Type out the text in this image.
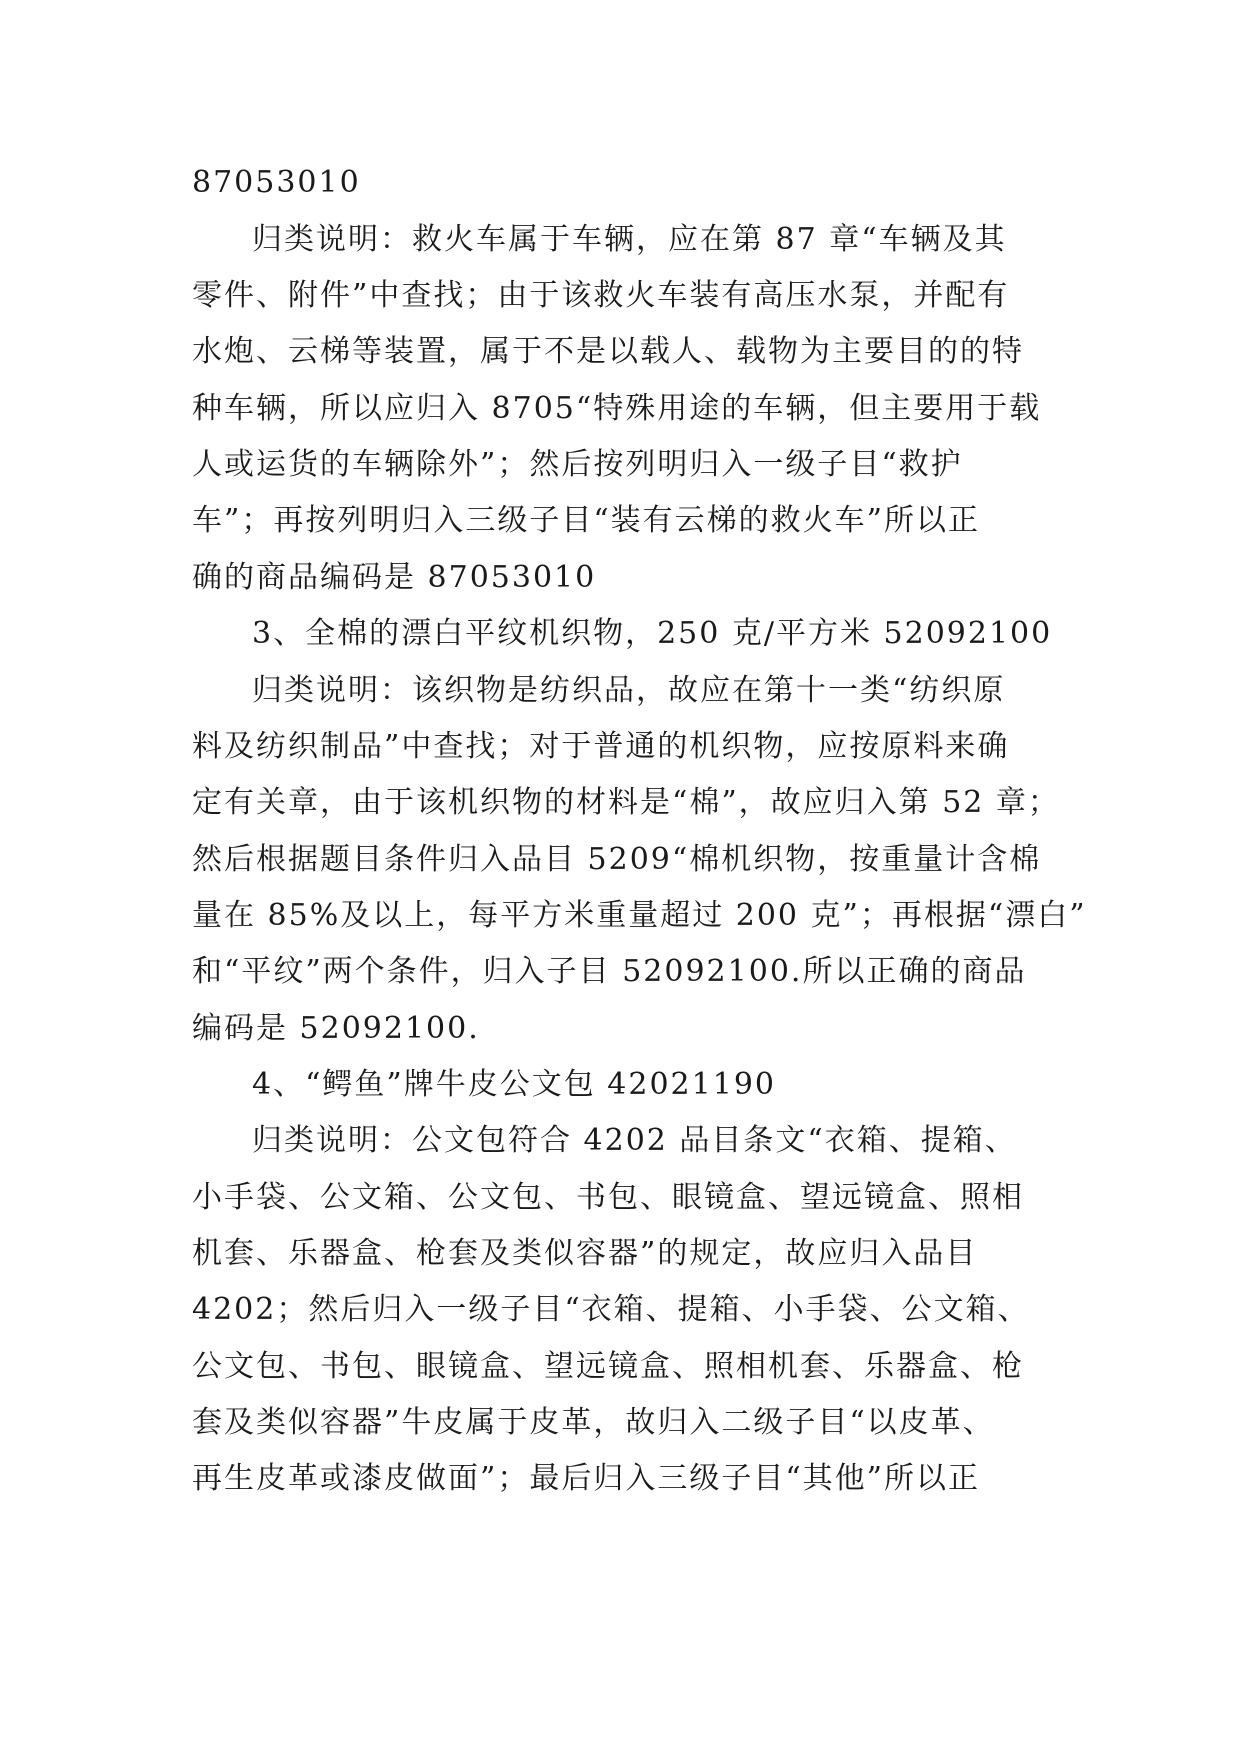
87053010
归类说明：救火车属于车辆，应在第 87 章“车辆及其
零件、附件”中查找；由于该救火车装有高压水泵，并配有
水炮、云梯等装置，属于不是以载人、载物为主要目的的特
种车辆，所以应归入 8705“特殊用途的车辆，但主要用于载
人或运货的车辆除外”；然后按列明归入一级子目“救护
车”；再按列明归入三级子目“装有云梯的救火车”所以正
确的商品编码是 87053010
3、全棉的漂白平纹机织物，250 克/平方米 52092100
归类说明：该织物是纺织品，故应在第十一类“纺织原
料及纺织制品”中查找；对于普通的机织物，应按原料来确
定有关章，由于该机织物的材料是“棉”，故应归入第 52 章；
然后根据题目条件归入品目 5209“棉机织物，按重量计含棉
量在 85%及以上，每平方米重量超过 200 克”；再根据“漂白”
和“平纹”两个条件，归入子目 52092100.所以正确的商品
编码是 52092100.
4、“鳄鱼”牌牛皮公文包 42021190
归类说明：公文包符合 4202 品目条文“衣箱、提箱、
小手袋、公文箱、公文包、书包、眼镜盒、望远镜盒、照相
机套、乐器盒、枪套及类似容器”的规定，故应归入品目
4202；然后归入一级子目“衣箱、提箱、小手袋、公文箱、
公文包、书包、眼镜盒、望远镜盒、照相机套、乐器盒、枪
套及类似容器”牛皮属于皮革，故归入二级子目“以皮革、
再生皮革或漆皮做面”；最后归入三级子目“其他”所以正
